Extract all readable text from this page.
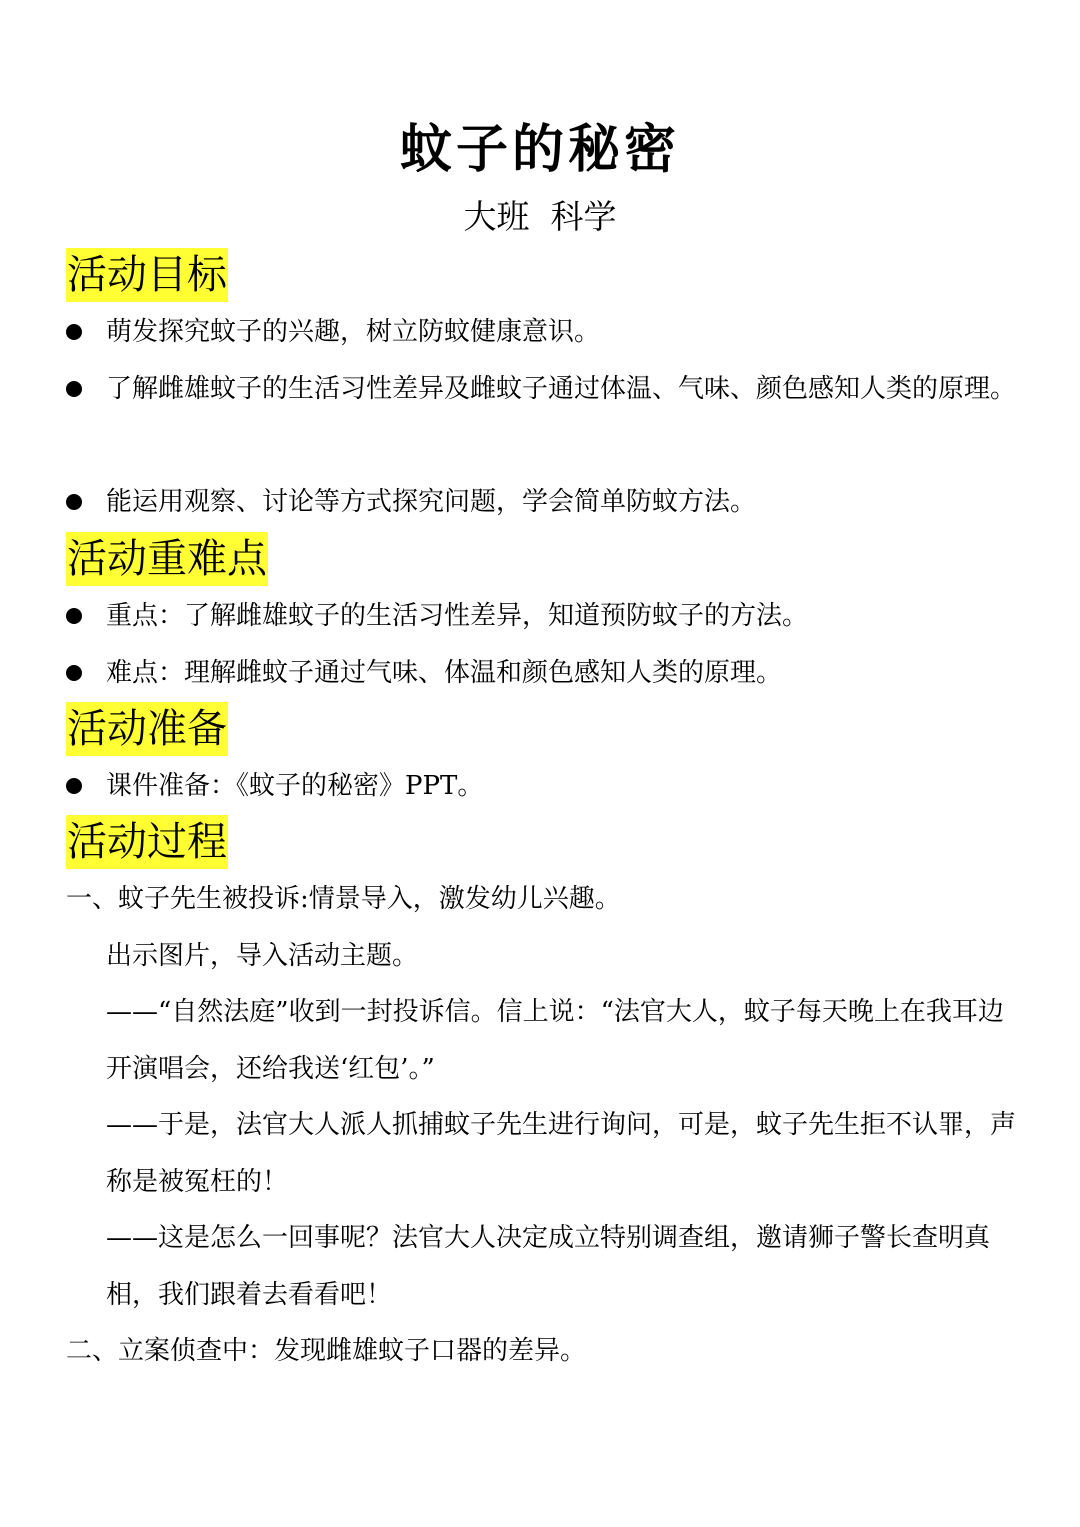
蚊子的秘密
大班  科学
活动目标
萌发探究蚊子的兴趣，树立防蚊健康意识。
了解雌雄蚊子的生活习性差异及雌蚊子通过体温、气味、颜色感知人类的原理。
能运用观察、讨论等方式探究问题，学会简单防蚊方法。
活动重难点
重点：了解雌雄蚊子的生活习性差异，知道预防蚊子的方法。
难点：理解雌蚊子通过气味、体温和颜色感知人类的原理。
活动准备
课件准备：《蚊子的秘密》PPT。
活动过程
一、蚊子先生被投诉:情景导入，激发幼儿兴趣。
出示图片，导入活动主题。
——“自然法庭”收到一封投诉信。信上说：“法官大人，蚊子每天晚上在我耳边开演唱会，还给我送‘红包’。”
——于是，法官大人派人抓捕蚊子先生进行询问，可是，蚊子先生拒不认罪，声称是被冤枉的！
——这是怎么一回事呢？法官大人决定成立特别调查组，邀请狮子警长查明真相，我们跟着去看看吧！
二、立案侦查中：发现雌雄蚊子口器的差异。
